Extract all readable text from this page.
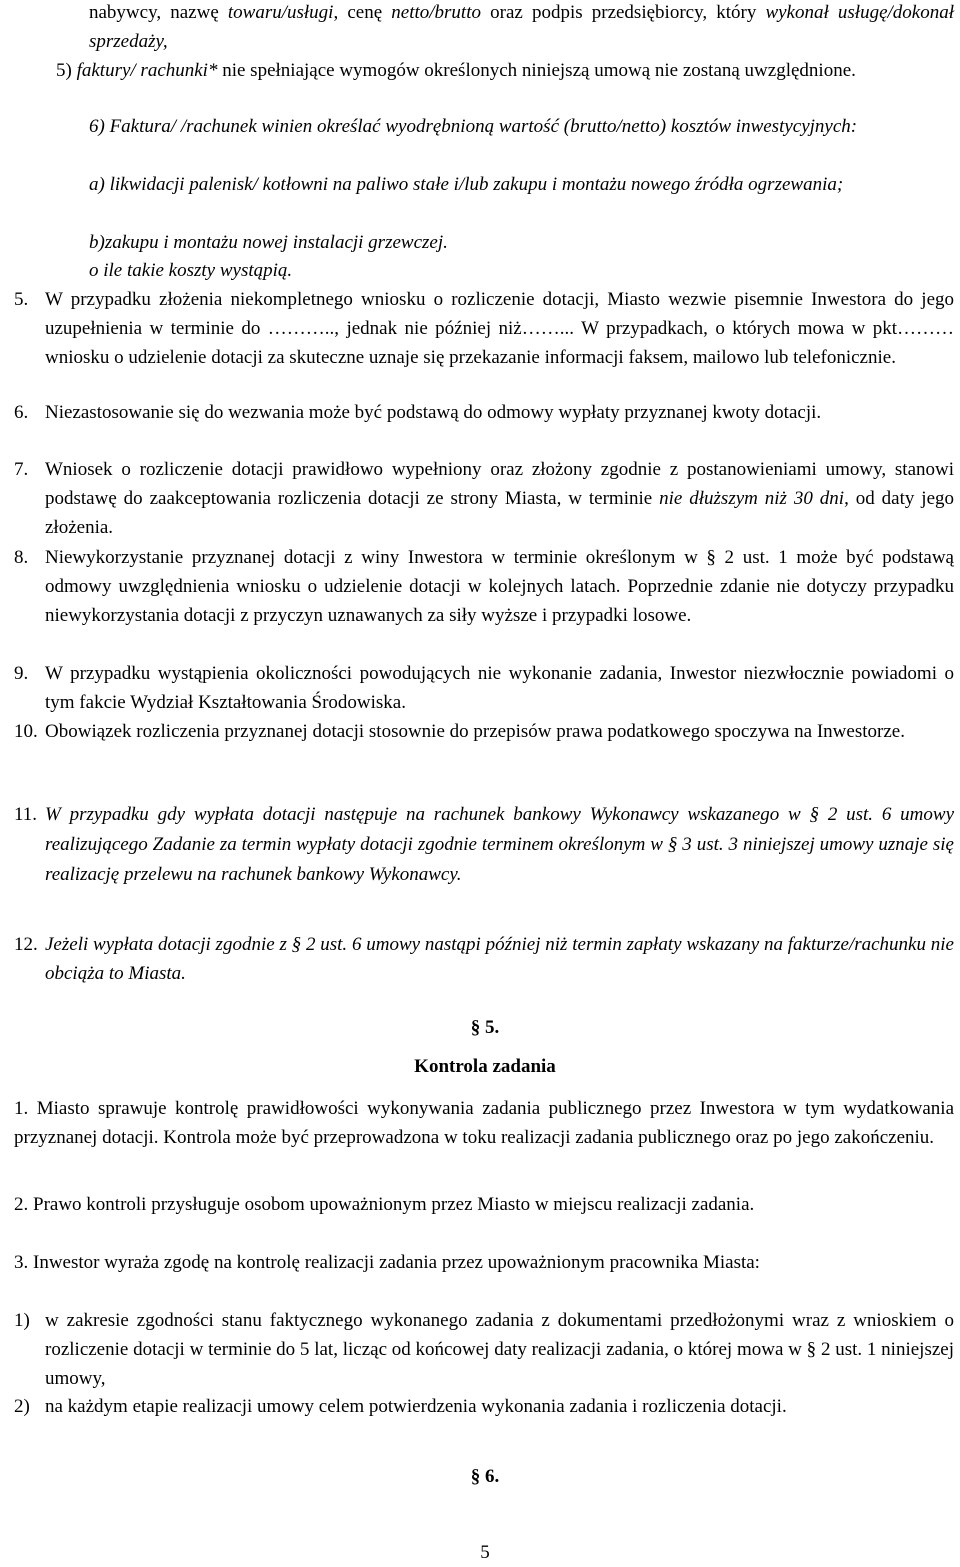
nabywcy, nazwę towaru/usługi, cenę netto/brutto oraz podpis przedsiębiorcy, który wykonał usługę/dokonał sprzedaży,
5) faktury/ rachunki* nie spełniające wymogów określonych niniejszą umową nie zostaną uwzględnione.
6) Faktura/ /rachunek winien określać wyodrębnioną wartość (brutto/netto) kosztów inwestycyjnych:
a) likwidacji palenisk/ kotłowni na paliwo stałe i/lub zakupu i montażu nowego źródła ogrzewania;
b)zakupu i montażu nowej instalacji grzewczej.
o ile takie koszty wystąpią.
5. W przypadku złożenia niekompletnego wniosku o rozliczenie dotacji, Miasto wezwie pisemnie Inwestora do jego uzupełnienia w terminie do ……….., jednak nie później niż……... W przypadkach, o których mowa w pkt……… wniosku o udzielenie dotacji za skuteczne uznaje się przekazanie informacji faksem, mailowo lub telefonicznie.
6. Niezastosowanie się do wezwania może być podstawą do odmowy wypłaty przyznanej kwoty dotacji.
7. Wniosek o rozliczenie dotacji prawidłowo wypełniony oraz złożony zgodnie z postanowieniami umowy, stanowi podstawę do zaakceptowania rozliczenia dotacji ze strony Miasta, w terminie nie dłuższym niż 30 dni, od daty jego złożenia.
8. Niewykorzystanie przyznanej dotacji z winy Inwestora w terminie określonym w § 2 ust. 1 może być podstawą odmowy uwzględnienia wniosku o udzielenie dotacji w kolejnych latach. Poprzednie zdanie nie dotyczy przypadku niewykorzystania dotacji z przyczyn uznawanych za siły wyższe i przypadki losowe.
9. W przypadku wystąpienia okoliczności powodujących nie wykonanie zadania, Inwestor niezwłocznie powiadomi o tym fakcie Wydział Kształtowania Środowiska.
10. Obowiązek rozliczenia przyznanej dotacji stosownie do przepisów prawa podatkowego spoczywa na Inwestorze.
11. W przypadku gdy wypłata dotacji następuje na rachunek bankowy Wykonawcy wskazanego w § 2 ust. 6 umowy realizującego Zadanie za termin wypłaty dotacji zgodnie terminem określonym w § 3 ust. 3 niniejszej umowy uznaje się realizację przelewu na rachunek bankowy Wykonawcy.
12. Jeżeli wypłata dotacji zgodnie z § 2 ust. 6 umowy nastąpi później niż termin zapłaty wskazany na fakturze/rachunku nie obciąża to Miasta.
§ 5.
Kontrola zadania
1. Miasto sprawuje kontrolę prawidłowości wykonywania zadania publicznego przez Inwestora w tym wydatkowania przyznanej dotacji. Kontrola może być przeprowadzona w toku realizacji zadania publicznego oraz po jego zakończeniu.
2. Prawo kontroli przysługuje osobom upoważnionym przez Miasto w miejscu realizacji zadania.
3. Inwestor wyraża zgodę na kontrolę realizacji zadania przez upoważnionym pracownika Miasta:
1) w zakresie zgodności stanu faktycznego wykonanego zadania z dokumentami przedłożonymi wraz z wnioskiem o rozliczenie dotacji w terminie do 5 lat, licząc od końcowej daty realizacji zadania, o której mowa w § 2 ust. 1 niniejszej umowy,
2) na każdym etapie realizacji umowy celem potwierdzenia wykonania zadania i rozliczenia dotacji.
§ 6.
5
